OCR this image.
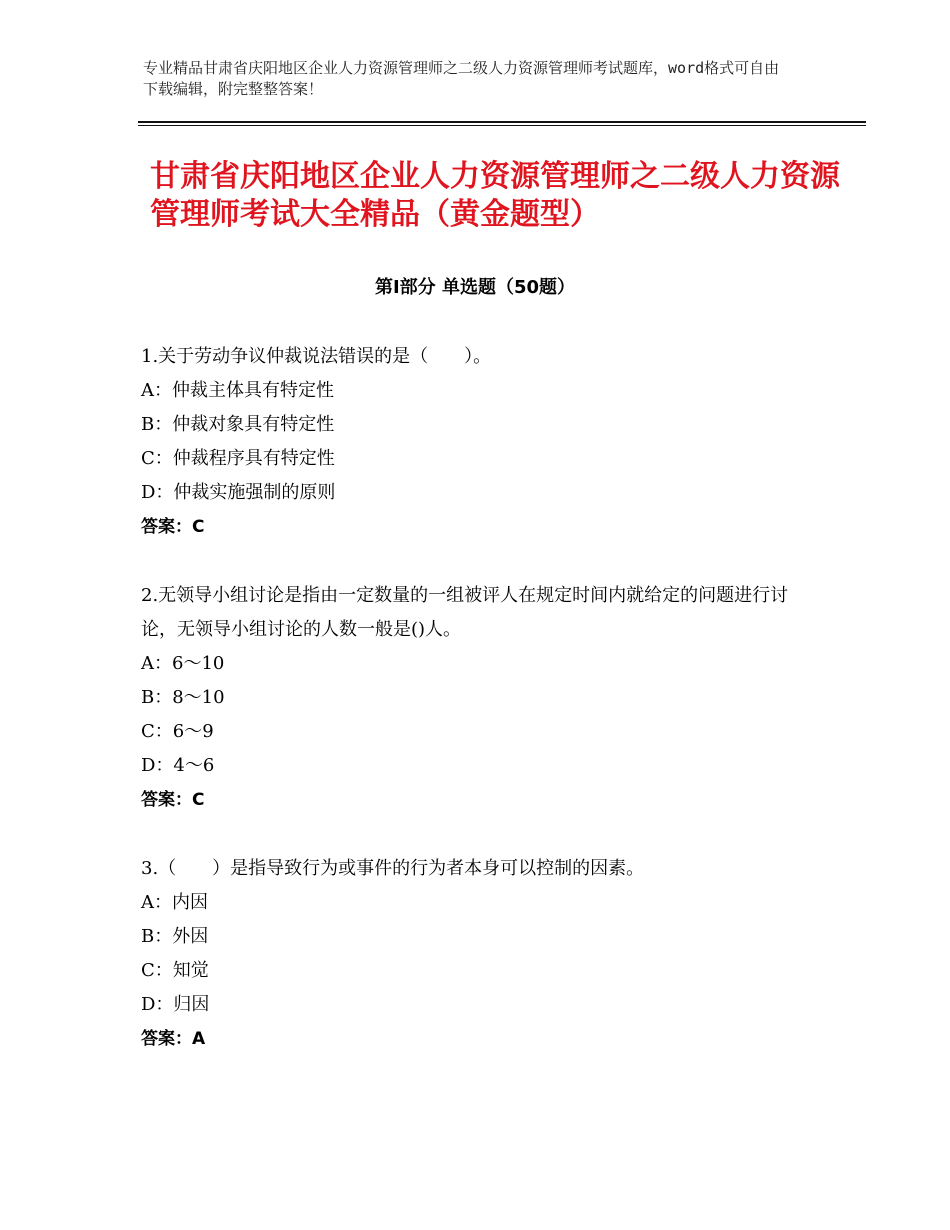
专业精品甘肃省庆阳地区企业人力资源管理师之二级人力资源管理师考试题库，word格式可自由下载编辑，附完整整答案！
甘肃省庆阳地区企业人力资源管理师之二级人力资源管理师考试大全精品（黄金题型）
第Ⅰ部分 单选题（50题）

1.关于劳动争议仲裁说法错误的是（　　）。

A：仲裁主体具有特定性

B：仲裁对象具有特定性

C：仲裁程序具有特定性

D：仲裁实施强制的原则

答案：C

2.无领导小组讨论是指由一定数量的一组被评人在规定时间内就给定的问题进行讨论，无领导小组讨论的人数一般是()人。

A：6～10

B：8～10

C：6～9

D：4～6

答案：C

3.（　　）是指导致行为或事件的行为者本身可以控制的因素。

A：内因

B：外因

C：知觉

D：归因

答案：A
